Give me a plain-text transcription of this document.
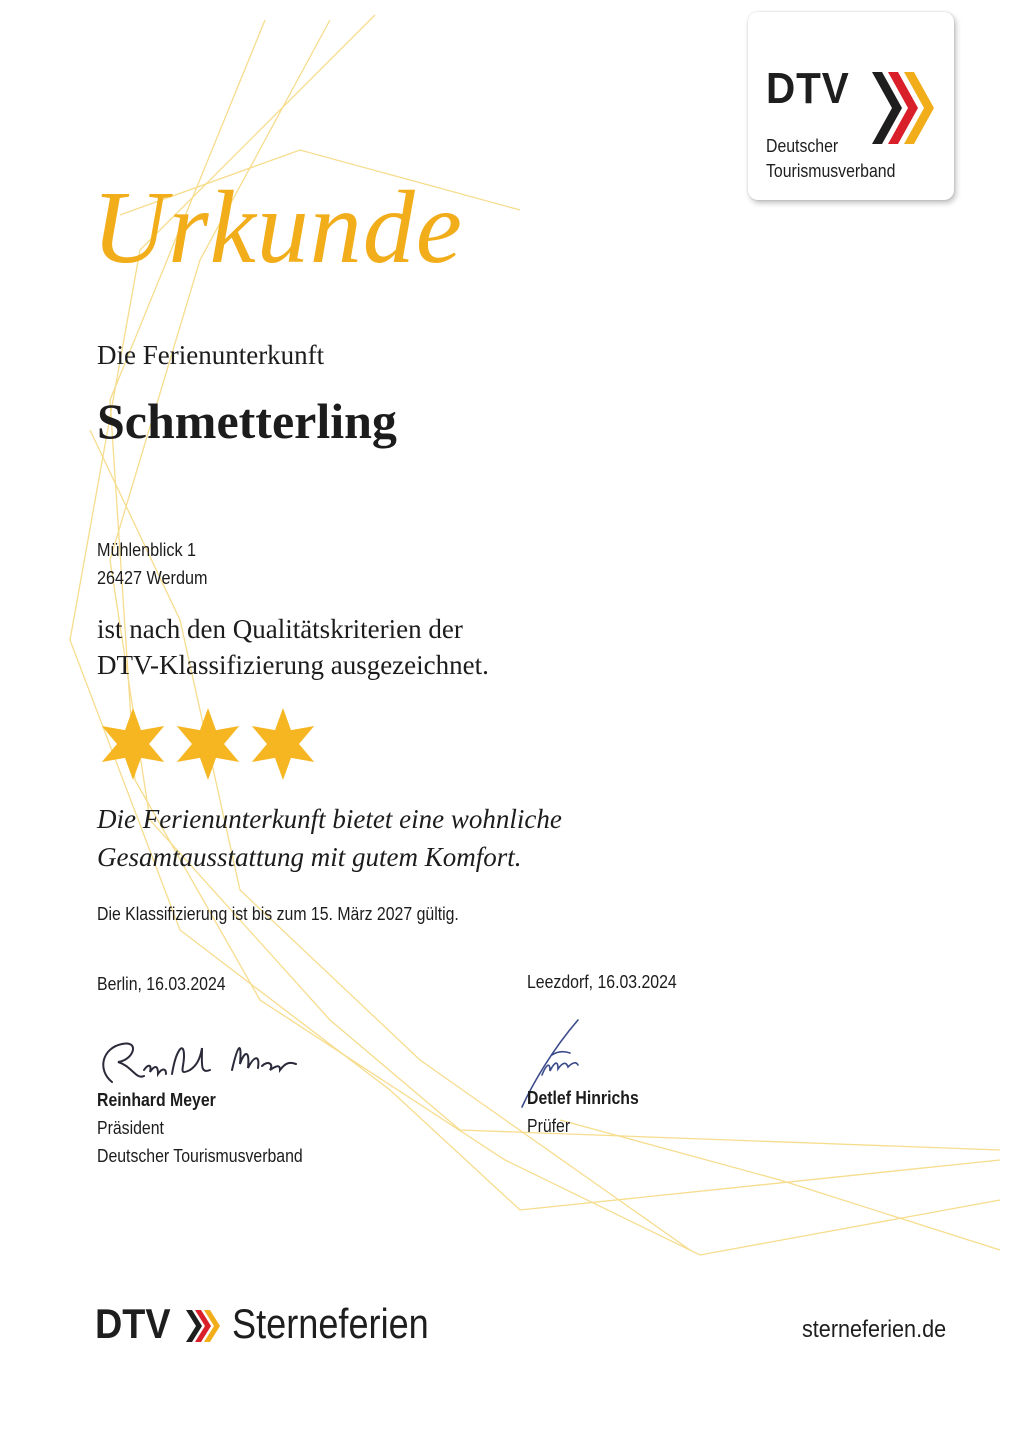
DTV
Deutscher
Tourismusverband
Urkunde
Die Ferienunterkunft
Schmetterling
Mühlenblick 1
26427 Werdum
ist nach den Qualitätskriterien der
DTV-Klassifizierung ausgezeichnet.
Die Ferienunterkunft bietet eine wohnliche
Gesamtausstattung mit gutem Komfort.
Die Klassifizierung ist bis zum 15. März 2027 gültig.
Berlin, 16.03.2024
Reinhard Meyer
Präsident
Deutscher Tourismusverband
Leezdorf, 16.03.2024
Detlef Hinrichs
Prüfer
DTV Sterneferien	sterneferien.de
